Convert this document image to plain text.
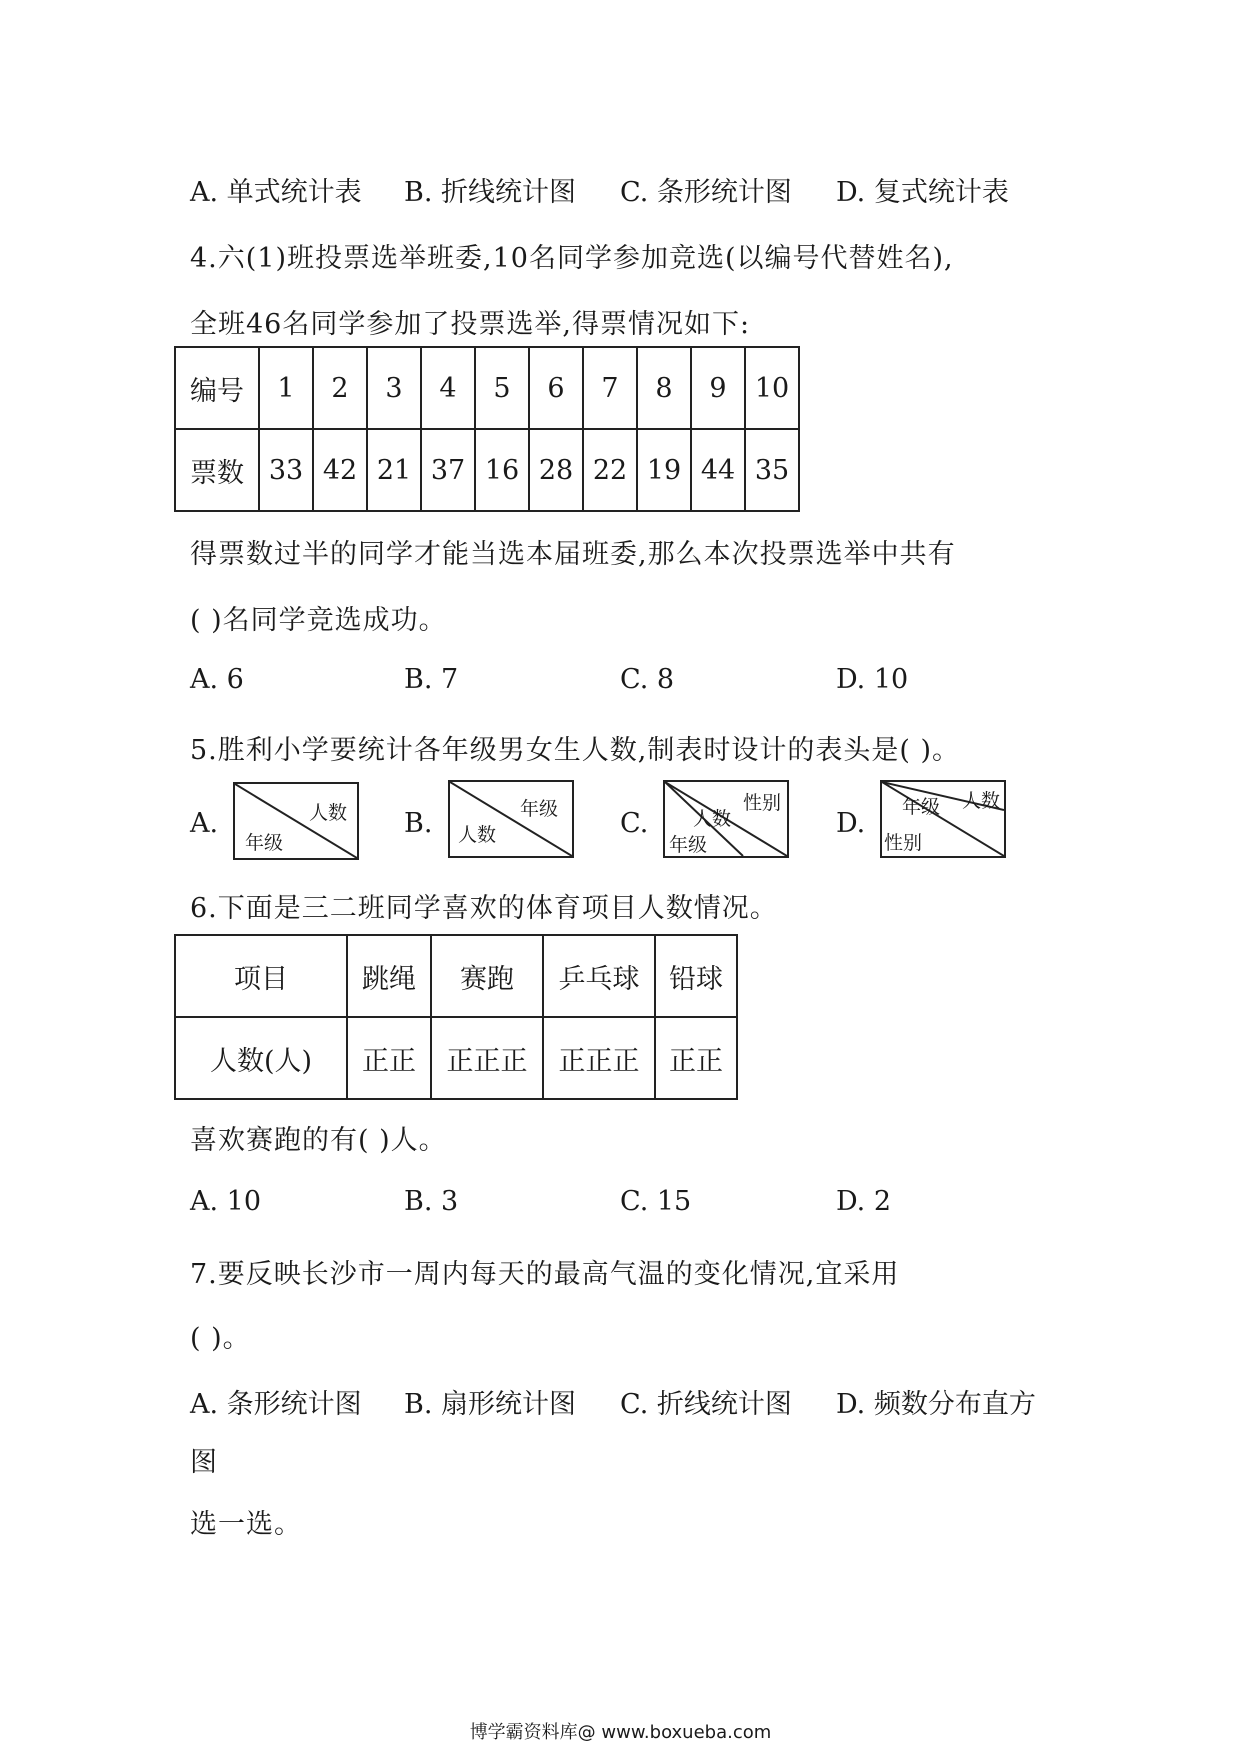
A. 单式统计表 B. 折线统计图 C. 条形统计图 D. 复式统计表
4.六(1)班投票选举班委,10名同学参加竞选(以编号代替姓名),
全班46名同学参加了投票选举,得票情况如下:
编号	1	2	3	4	5	6	7	8	9	10
票数	33	42	21	37	16	28	22	19	44	35
得票数过半的同学才能当选本届班委,那么本次投票选举中共有
( )名同学竞选成功。
A. 6	B. 7	C. 8	D. 10
5.胜利小学要统计各年级男女生人数,制表时设计的表头是( )。
A.	人数
年级
B.	年级
人数	C.
性别
人数
年级
D.
人数
年级
性别
6.下面是三二班同学喜欢的体育项目人数情况。
项目	跳绳	赛跑	乒乓球	铅球
人数(人)	正正	正正正	正正正	正正
喜欢赛跑的有( )人。
A. 10	B. 3	C. 15	D. 2
7.要反映长沙市一周内每天的最高气温的变化情况,宜采用
( )。
A. 条形统计图 B. 扇形统计图 C. 折线统计图 D. 频数分布直方
图
选一选。
博学霸资料库@ www.boxueba.com
